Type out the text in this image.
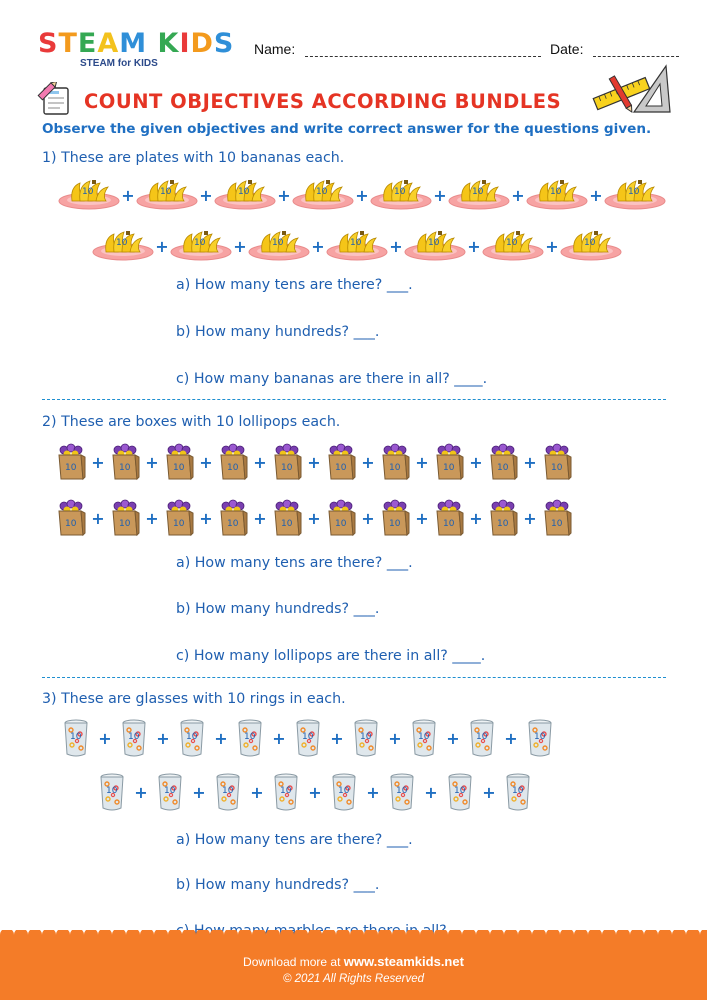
STEAM KIDS
STEAM for KIDS
Name:	Date:
COUNT OBJECTIVES ACCORDING BUNDLES
Observe the given objectives and write correct answer for the questions given.
1) These are plates with 10 bananas each.
10 +	10 +	10 +	10 +	10 +	10 +	10 +	10
10 +	10 +	10 +	10 +	10 +	10 +	10
a) How many tens are there? ___.
b) How many hundreds? ___.
c) How many bananas are there in all? ____.
2) These are boxes with 10 lollipops each.
10 +	10 +	10 +	10 +	10 +	10 +	10 +	10 +	10 +	10
10 +	10 +	10 +	10 +	10 +	10 +	10 +	10 +	10 +	10
a) How many tens are there? ___.
b) How many hundreds? ___.
c) How many lollipops are there in all? ____.
3) These are glasses with 10 rings in each.
10	+	10	+	10	+	10	+	10	+	10	+	10	+	10	+	10
10	+	10	+	10	+	10	+	10	+	10	+	10	+	10
a) How many tens are there? ___.
b) How many hundreds? ___.
Download more at www.steamkids.net
© 2021 All Rights Reserved
